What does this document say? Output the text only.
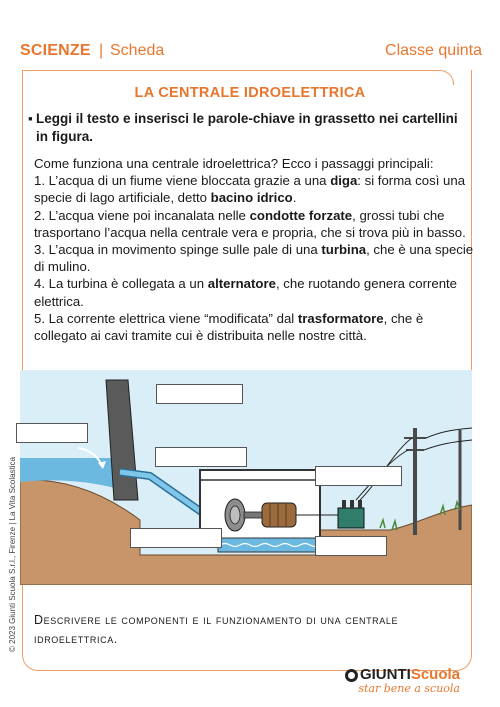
SCIENZE | Scheda	Classe quinta
LA CENTRALE IDROELETTRICA
▪ Leggi il testo e inserisci le parole-chiave in grassetto nei cartellini in figura.

Come funziona una centrale idroelettrica? Ecco i passaggi principali:

1. L’acqua di un fiume viene bloccata grazie a una diga: si forma così una specie di lago artificiale, detto bacino idrico.

2. L’acqua viene poi incanalata nelle condotte forzate, grossi tubi che trasportano l’acqua nella centrale vera e propria, che si trova più in basso.

3. L’acqua in movimento spinge sulle pale di una turbina, che è una specie di mulino.

4. La turbina è collegata a un alternatore, che ruotando genera corrente elettrica.

5. La corrente elettrica viene “modificata” dal trasformatore, che è collegato ai cavi tramite cui è distribuita nelle nostre città.

Descrivere le componenti e il funzionamento di una centrale idroelettrica.
© 2023 Giunti Scuola S.r.l., Firenze | La Vita Scolastica
GIUNTIScuola
star bene a scuola
